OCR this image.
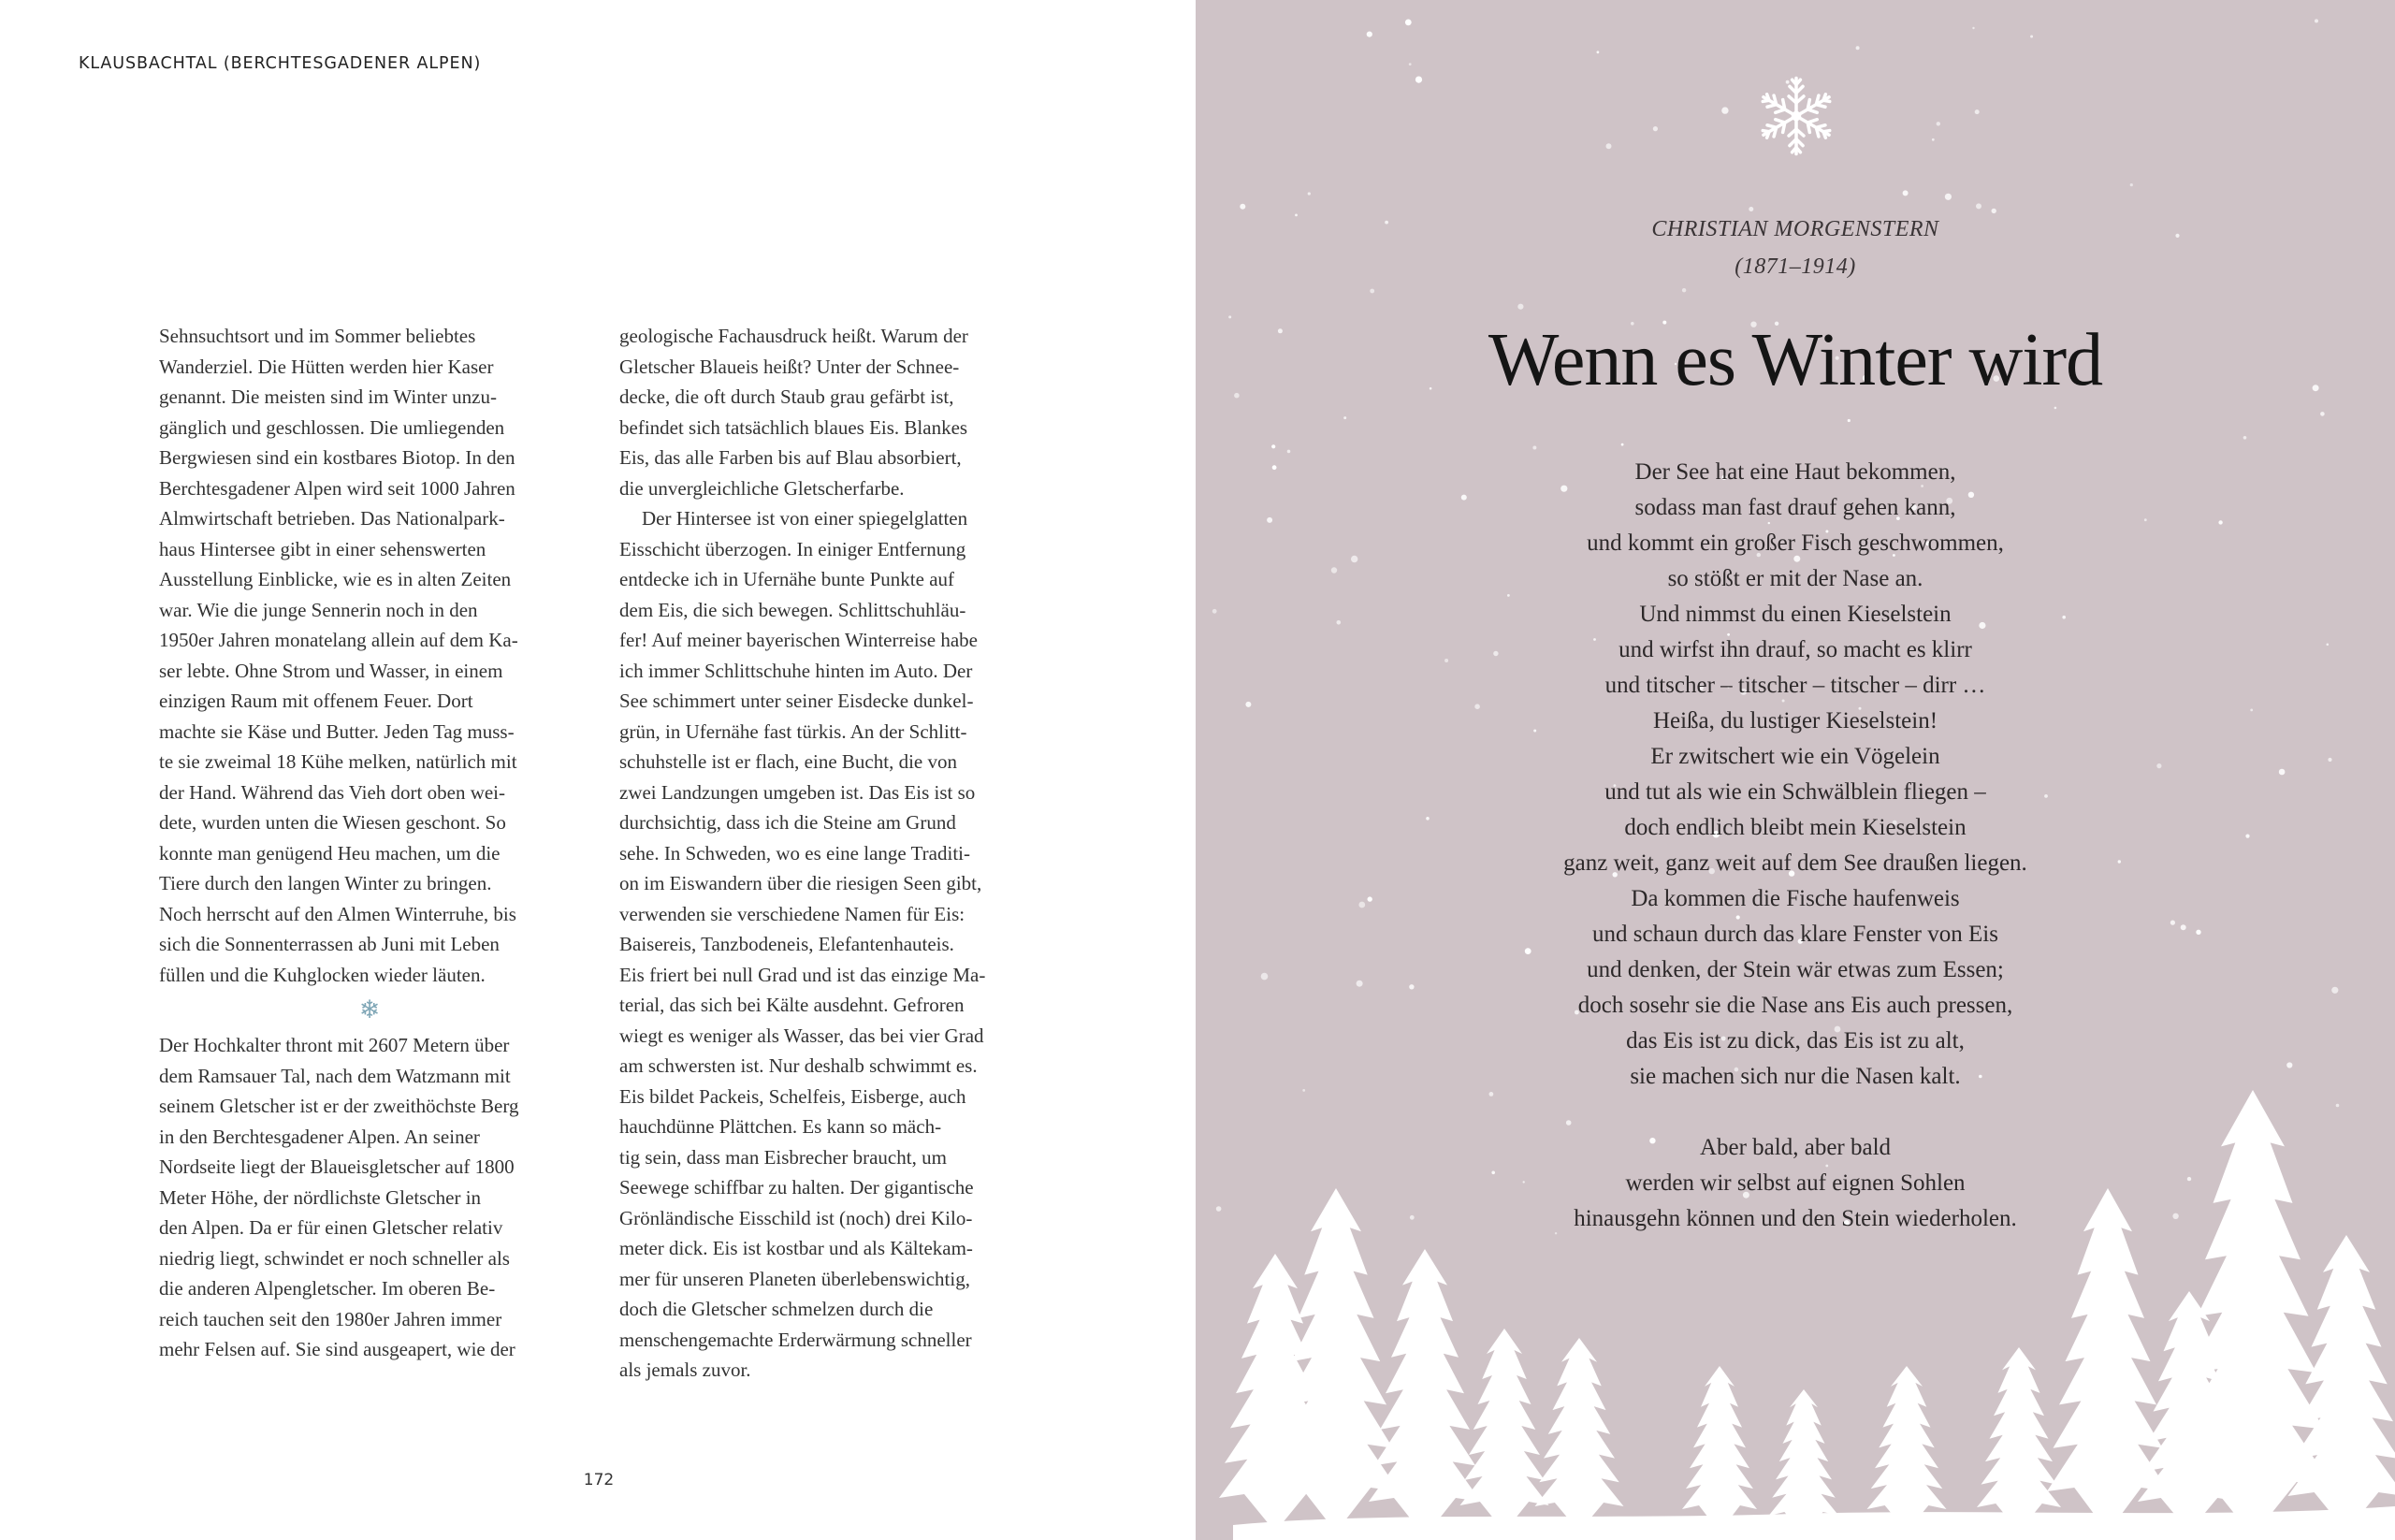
KLAUSBACHTAL (BERCHTESGADENER ALPEN)
Sehnsuchtsort und im Sommer beliebtes
Wanderziel. Die Hütten werden hier Kaser
genannt. Die meisten sind im Winter unzu-
gänglich und geschlossen. Die umliegenden
Bergwiesen sind ein kostbares Biotop. In den
Berchtesgadener Alpen wird seit 1000 Jahren
Almwirtschaft betrieben. Das Nationalpark-
haus Hintersee gibt in einer sehenswerten
Ausstellung Einblicke, wie es in alten Zeiten
war. Wie die junge Sennerin noch in den
1950er Jahren monatelang allein auf dem Ka-
ser lebte. Ohne Strom und Wasser, in einem
einzigen Raum mit offenem Feuer. Dort
machte sie Käse und Butter. Jeden Tag muss-
te sie zweimal 18 Kühe melken, natürlich mit
der Hand. Während das Vieh dort oben wei-
dete, wurden unten die Wiesen geschont. So
konnte man genügend Heu machen, um die
Tiere durch den langen Winter zu bringen.
Noch herrscht auf den Almen Winterruhe, bis
sich die Sonnenterrassen ab Juni mit Leben
füllen und die Kuhglocken wieder läuten.
❄
Der Hochkalter thront mit 2607 Metern über
dem Ramsauer Tal, nach dem Watzmann mit
seinem Gletscher ist er der zweithöchste Berg
in den Berchtesgadener Alpen. An seiner
Nordseite liegt der Blaueisgletscher auf 1800
Meter Höhe, der nördlichste Gletscher in
den Alpen. Da er für einen Gletscher relativ
niedrig liegt, schwindet er noch schneller als
die anderen Alpengletscher. Im oberen Be-
reich tauchen seit den 1980er Jahren immer
mehr Felsen auf. Sie sind ausgeapert, wie der
geologische Fachausdruck heißt. Warum der
Gletscher Blaueis heißt? Unter der Schnee-
decke, die oft durch Staub grau gefärbt ist,
befindet sich tatsächlich blaues Eis. Blankes
Eis, das alle Farben bis auf Blau absorbiert,
die unvergleichliche Gletscherfarbe.
Der Hintersee ist von einer spiegelglatten
Eisschicht überzogen. In einiger Entfernung
entdecke ich in Ufernähe bunte Punkte auf
dem Eis, die sich bewegen. Schlittschuhläu-
fer! Auf meiner bayerischen Winterreise habe
ich immer Schlittschuhe hinten im Auto. Der
See schimmert unter seiner Eisdecke dunkel-
grün, in Ufernähe fast türkis. An der Schlitt-
schuhstelle ist er flach, eine Bucht, die von
zwei Landzungen umgeben ist. Das Eis ist so
durchsichtig, dass ich die Steine am Grund
sehe. In Schweden, wo es eine lange Traditi-
on im Eiswandern über die riesigen Seen gibt,
verwenden sie verschiedene Namen für Eis:
Baisereis, Tanzbodeneis, Elefantenhauteis.
Eis friert bei null Grad und ist das einzige Ma-
terial, das sich bei Kälte ausdehnt. Gefroren
wiegt es weniger als Wasser, das bei vier Grad
am schwersten ist. Nur deshalb schwimmt es.
Eis bildet Packeis, Schelfeis, Eisberge, auch
hauchdünne Plättchen. Es kann so mäch-
tig sein, dass man Eisbrecher braucht, um
Seewege schiffbar zu halten. Der gigantische
Grönländische Eisschild ist (noch) drei Kilo-
meter dick. Eis ist kostbar und als Kältekam-
mer für unseren Planeten überlebenswichtig,
doch die Gletscher schmelzen durch die
menschengemachte Erderwärmung schneller
als jemals zuvor.
172
CHRISTIAN MORGENSTERN
(1871–1914)
Wenn es Winter wird
Der See hat eine Haut bekommen,
sodass man fast drauf gehen kann,
und kommt ein großer Fisch geschwommen,
so stößt er mit der Nase an.
Und nimmst du einen Kieselstein
und wirfst ihn drauf, so macht es klirr
und titscher – titscher – titscher – dirr …
Heißa, du lustiger Kieselstein!
Er zwitschert wie ein Vögelein
und tut als wie ein Schwälblein fliegen –
doch endlich bleibt mein Kieselstein
ganz weit, ganz weit auf dem See draußen liegen.
Da kommen die Fische haufenweis
und schaun durch das klare Fenster von Eis
und denken, der Stein wär etwas zum Essen;
doch sosehr sie die Nase ans Eis auch pressen,
das Eis ist zu dick, das Eis ist zu alt,
sie machen sich nur die Nasen kalt.
Aber bald, aber bald
werden wir selbst auf eignen Sohlen
hinausgehn können und den Stein wiederholen.
